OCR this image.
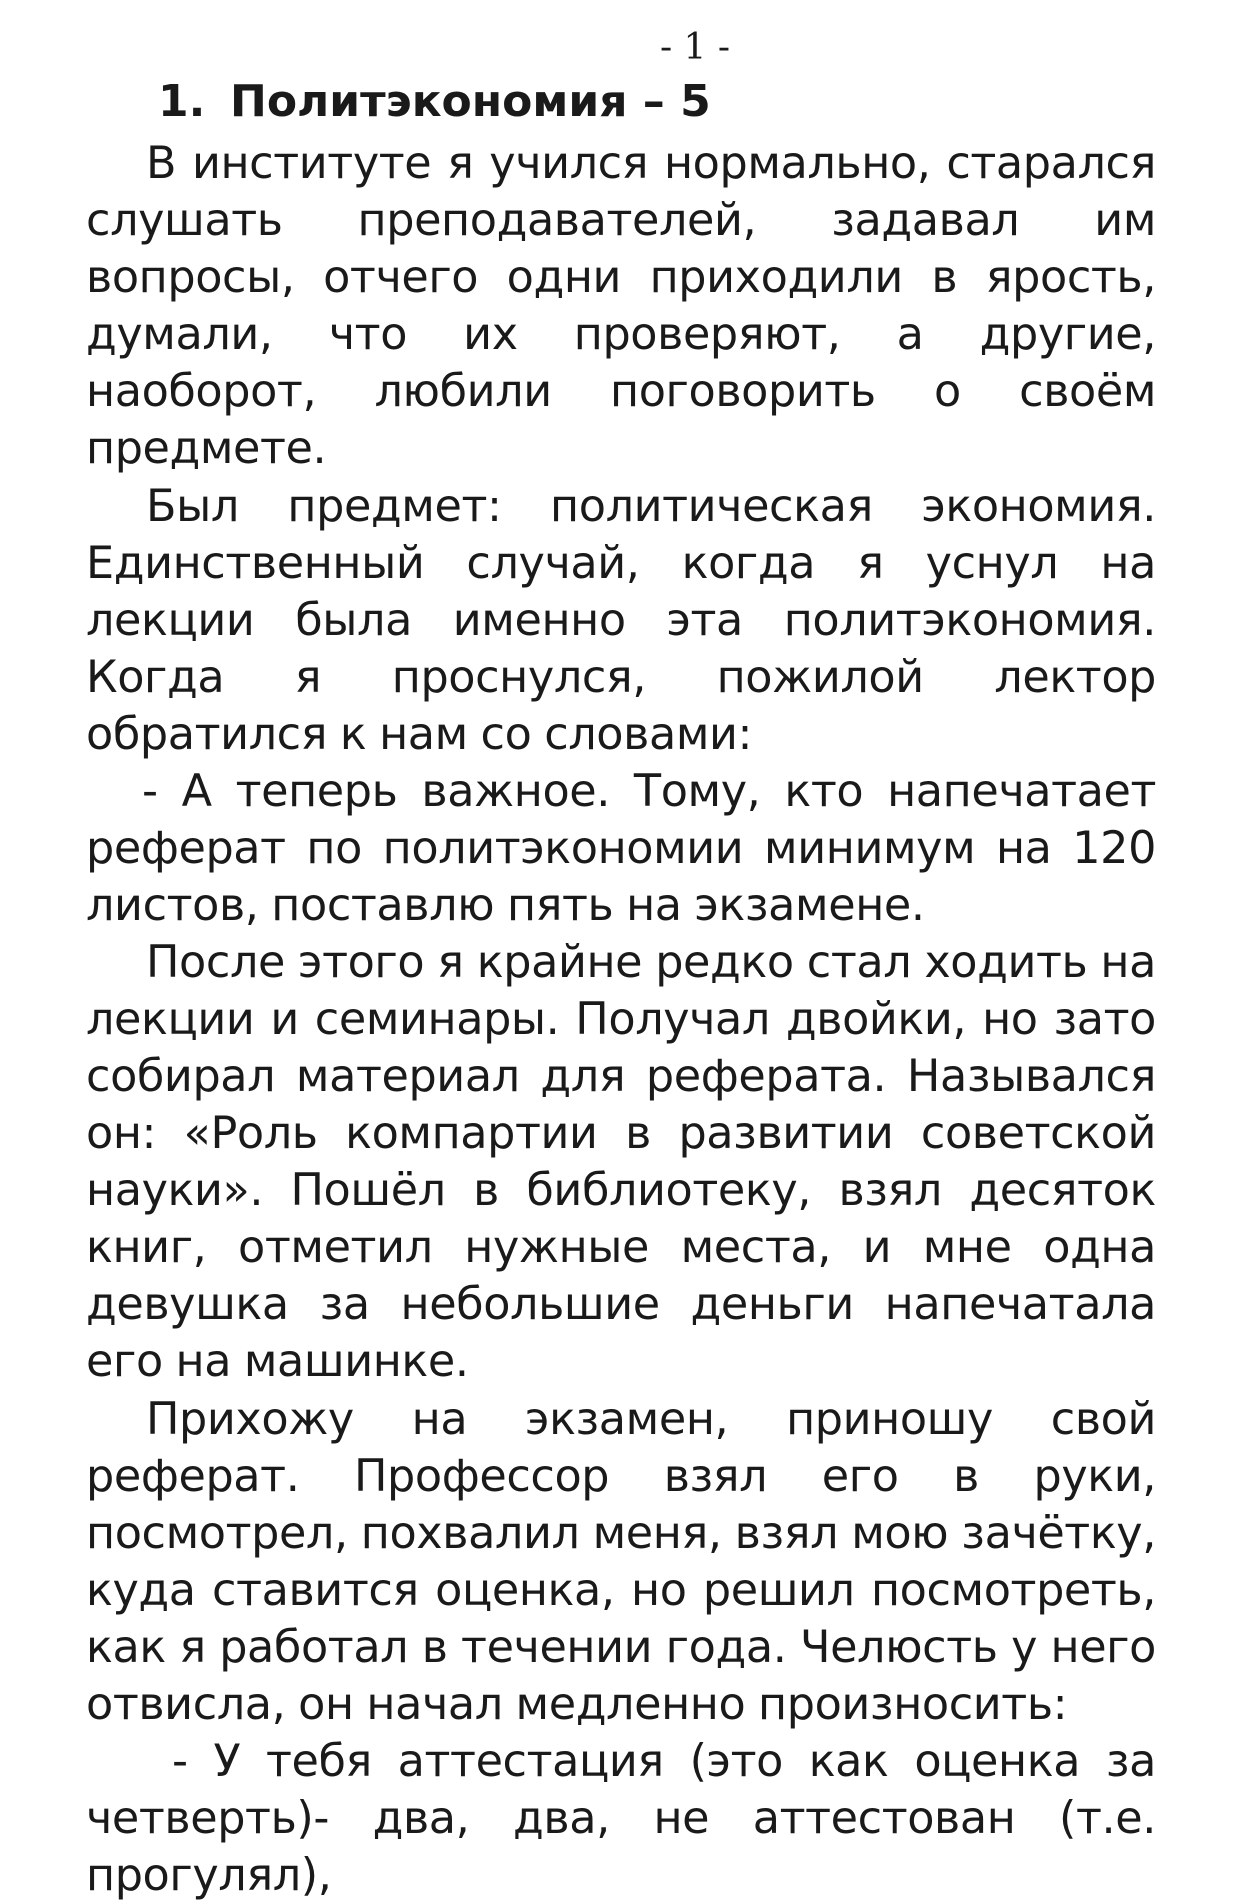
- 1 -
1. Политэкономия – 5

В институте я учился нормально, старался слушать преподавателей, задавал им вопросы, отчего одни приходили в ярость, думали, что их проверяют, а другие, наоборот, любили поговорить о своём предмете.

Был предмет: политическая экономия. Единственный случай, когда я уснул на лекции была именно эта политэкономия. Когда я проснулся, пожилой лектор обратился к нам со словами:

- А теперь важное. Тому, кто напечатает реферат по политэкономии минимум на 120 листов, поставлю пять на экзамене.

После этого я крайне редко стал ходить на лекции и семинары. Получал двойки, но зато собирал материал для реферата. Назывался он: «Роль компартии в развитии советской науки». Пошёл в библиотеку, взял десяток книг, отметил нужные места, и мне одна девушка за небольшие деньги напечатала его на машинке.

Прихожу на экзамен, приношу свой реферат. Профессор взял его в руки, посмотрел, похвалил меня, взял мою зачётку, куда ставится оценка, но решил посмотреть, как я работал в течении года. Челюсть у него отвисла, он начал медленно произносить:

- У тебя аттестация (это как оценка за четверть)- два, два, не аттестован (т.е. прогулял),
